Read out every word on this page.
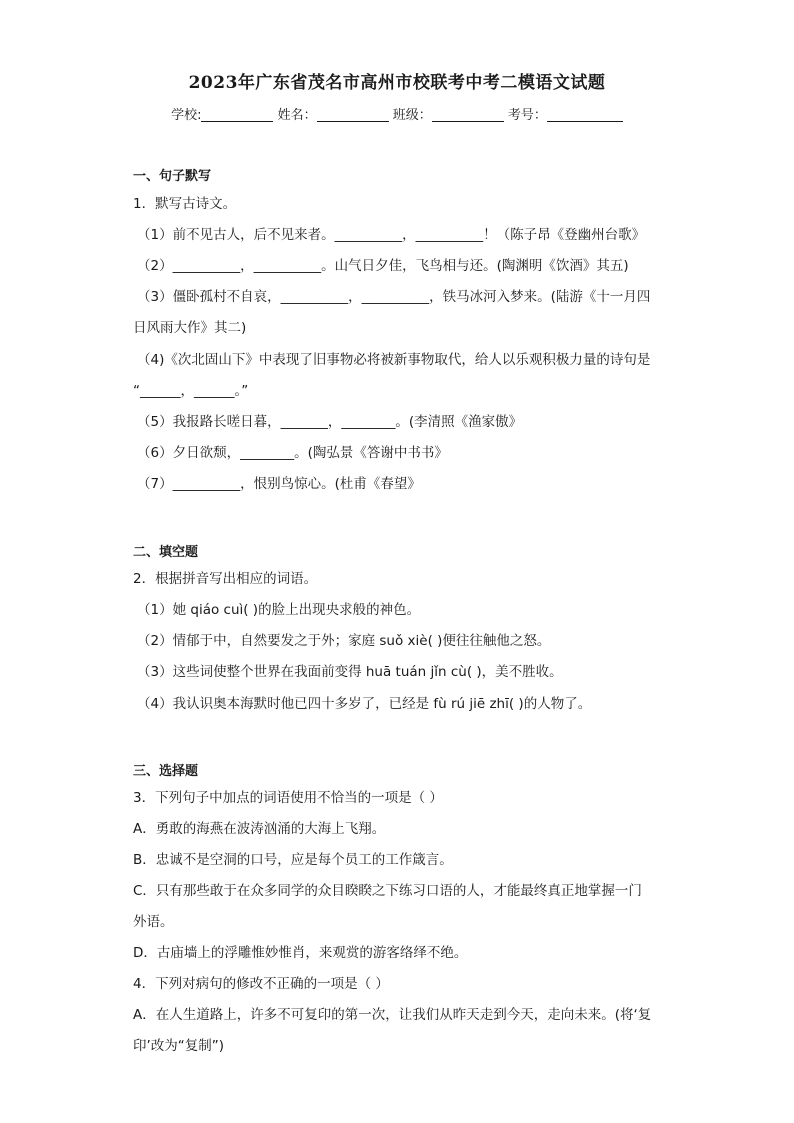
2023年广东省茂名市高州市校联考中考二模语文试题
学校:	姓名：	班级：	考号：
一、句子默写
1．默写古诗文。
（1）前不见古人，后不见来者。__________，__________！（陈子昂《登幽州台歌》
（2）__________，__________。山气日夕佳，飞鸟相与还。(陶渊明《饮酒》其五)
（3）僵卧孤村不自哀，__________，__________，铁马冰河入梦来。(陆游《十一月四
日风雨大作》其二)
（4)《次北固山下》中表现了旧事物必将被新事物取代，给人以乐观积极力量的诗句是
“______，______。”
（5）我报路长嗟日暮，_______，________。(李清照《渔家傲》
（6）夕日欲颓，________。(陶弘景《答谢中书书》
（7）__________，恨别鸟惊心。(杜甫《春望》
二、填空题
2．根据拼音写出相应的词语。
（1）她 qiáo cuì( )的脸上出现央求般的神色。
（2）情郁于中，自然要发之于外；家庭 suǒ xiè( )便往往触他之怒。
（3）这些词使整个世界在我面前变得 huā tuán jǐn cù( )，美不胜收。
（4）我认识奥本海默时他已四十多岁了，已经是 fù rú jiē zhī( )的人物了。
三、选择题
3．下列句子中加点的词语使用不恰当的一项是（ ）
A．勇敢的海燕在波涛汹涌的大海上飞翔。
B．忠诚不是空洞的口号，应是每个员工的工作箴言。
C．只有那些敢于在众多同学的众目睽睽之下练习口语的人，才能最终真正地掌握一门
外语。
D．古庙墙上的浮雕惟妙惟肖，来观赏的游客络绎不绝。
4．下列对病句的修改不正确的一项是（ ）
A．在人生道路上，许多不可复印的第一次，让我们从昨天走到今天，走向未来。(将‘复
印’改为“复制”)
